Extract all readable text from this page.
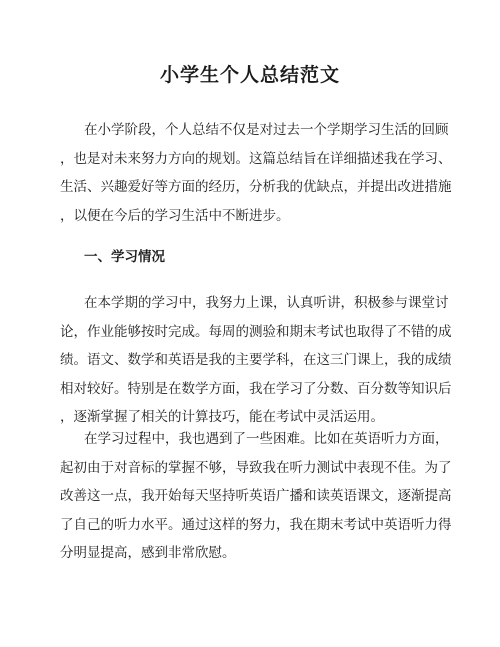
小学生个人总结范文
在小学阶段，个人总结不仅是对过去一个学期学习生活的回顾
，也是对未来努力方向的规划。这篇总结旨在详细描述我在学习、
生活、兴趣爱好等方面的经历，分析我的优缺点，并提出改进措施
，以便在今后的学习生活中不断进步。
一、学习情况
在本学期的学习中，我努力上课，认真听讲，积极参与课堂讨
论，作业能够按时完成。每周的测验和期末考试也取得了不错的成
绩。语文、数学和英语是我的主要学科，在这三门课上，我的成绩
相对较好。特别是在数学方面，我在学习了分数、百分数等知识后
，逐渐掌握了相关的计算技巧，能在考试中灵活运用。
在学习过程中，我也遇到了一些困难。比如在英语听力方面，
起初由于对音标的掌握不够，导致我在听力测试中表现不佳。为了
改善这一点，我开始每天坚持听英语广播和读英语课文，逐渐提高
了自己的听力水平。通过这样的努力，我在期末考试中英语听力得
分明显提高，感到非常欣慰。
